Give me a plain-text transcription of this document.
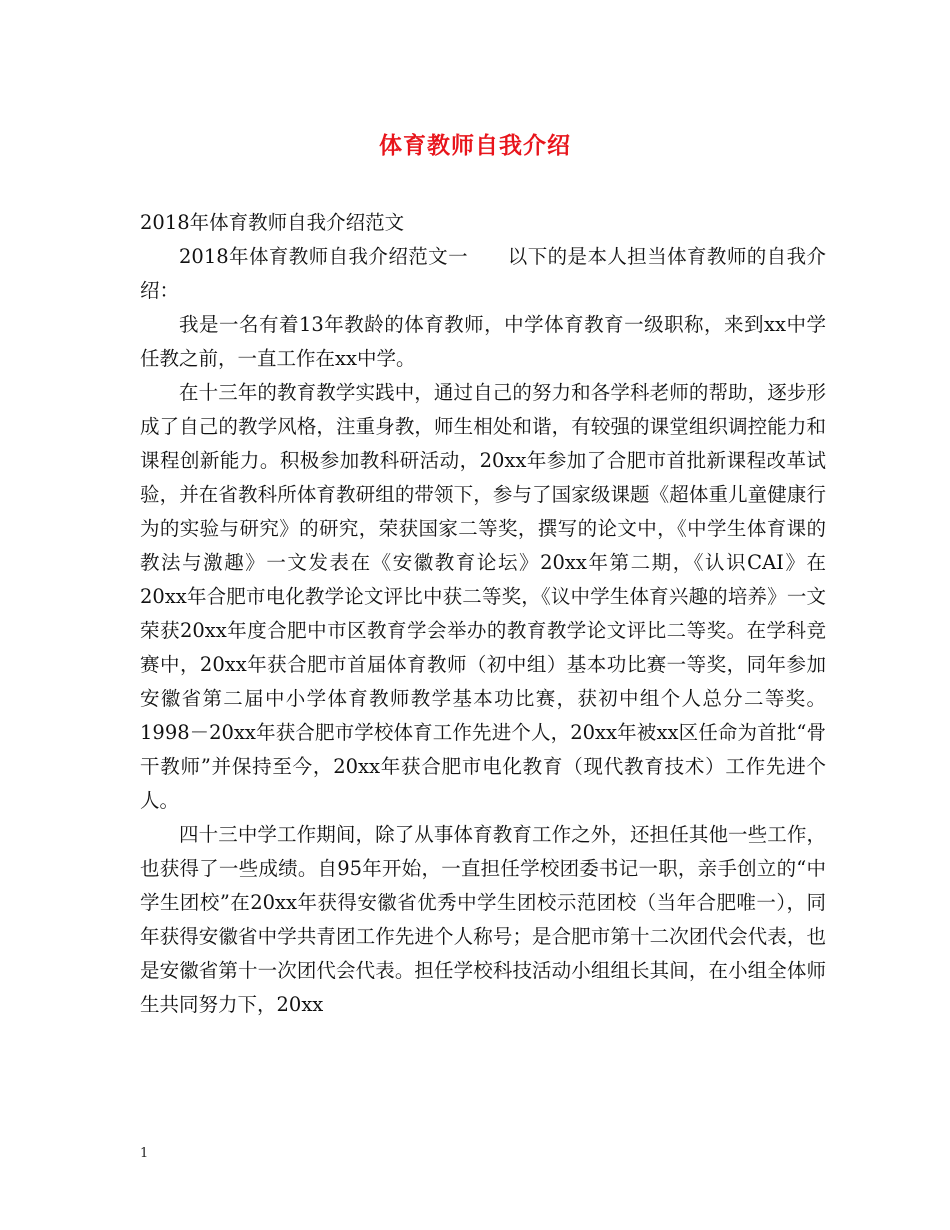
体育教师自我介绍
2018年体育教师自我介绍范文

2018年体育教师自我介绍范文一　　以下的是本人担当体育教师的自我介绍：

我是一名有着13年教龄的体育教师，中学体育教育一级职称，来到xx中学任教之前，一直工作在xx中学。

在十三年的教育教学实践中，通过自己的努力和各学科老师的帮助，逐步形成了自己的教学风格，注重身教，师生相处和谐，有较强的课堂组织调控能力和课程创新能力。积极参加教科研活动，20xx年参加了合肥市首批新课程改革试验，并在省教科所体育教研组的带领下，参与了国家级课题《超体重儿童健康行为的实验与研究》的研究，荣获国家二等奖，撰写的论文中，《中学生体育课的教法与激趣》一文发表在《安徽教育论坛》20xx年第二期，《认识CAI》在20xx年合肥市电化教学论文评比中获二等奖，《议中学生体育兴趣的培养》一文荣获20xx年度合肥中市区教育学会举办的教育教学论文评比二等奖。在学科竞赛中，20xx年获合肥市首届体育教师（初中组）基本功比赛一等奖，同年参加安徽省第二届中小学体育教师教学基本功比赛，获初中组个人总分二等奖。1998－20xx年获合肥市学校体育工作先进个人，20xx年被xx区任命为首批“骨干教师”并保持至今，20xx年获合肥市电化教育（现代教育技术）工作先进个人。

四十三中学工作期间，除了从事体育教育工作之外，还担任其他一些工作，也获得了一些成绩。自95年开始，一直担任学校团委书记一职，亲手创立的“中学生团校”在20xx年获得安徽省优秀中学生团校示范团校（当年合肥唯一），同年获得安徽省中学共青团工作先进个人称号；是合肥市第十二次团代会代表，也是安徽省第十一次团代会代表。担任学校科技活动小组组长其间，在小组全体师生共同努力下，20xx

1
